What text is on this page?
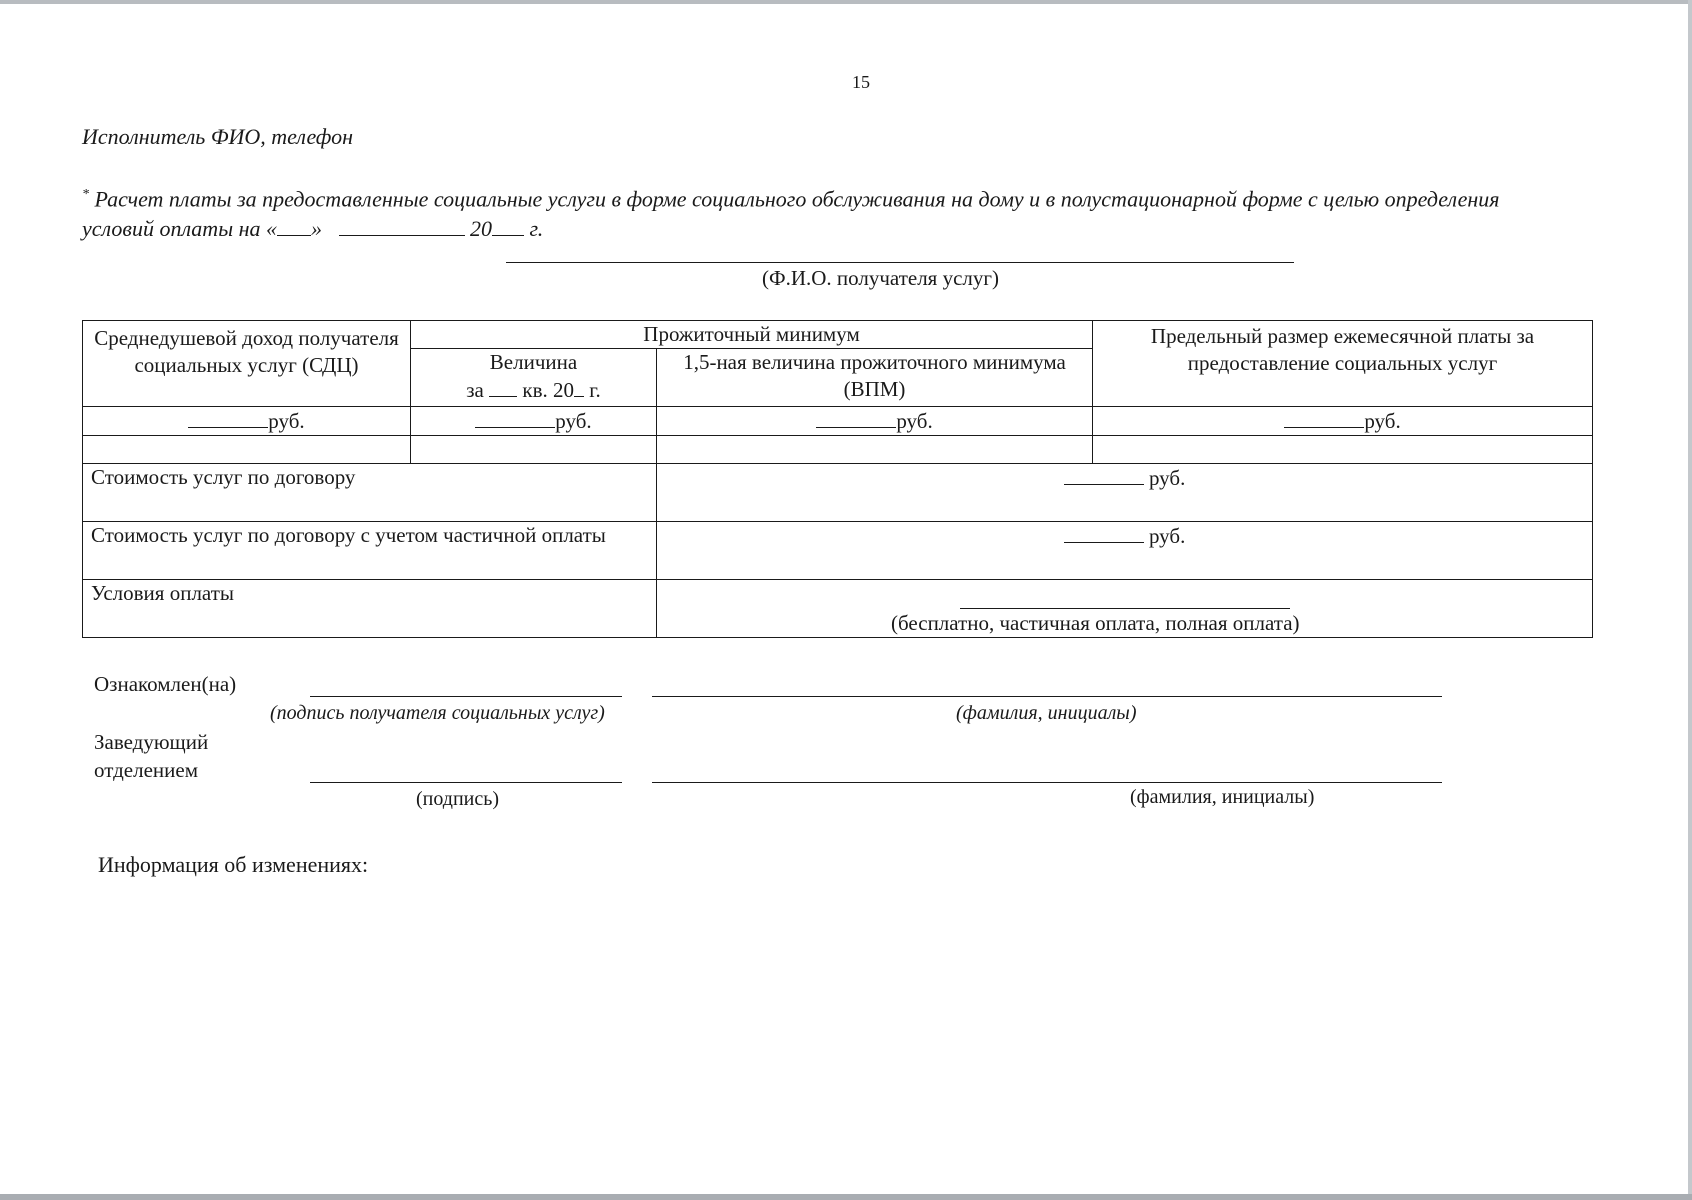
15
Исполнитель ФИО, телефон
* Расчет платы за предоставленные социальные услуги в форме социального обслуживания на дому и в полустационарной форме с целью определения
условий оплаты на « »	20 г.
(Ф.И.О. получателя услуг)
Среднедушевой доход получателя социальных услуг (СДЦ)	Прожиточный минимум		Предельный размер ежемесячной платы за предоставление социальных услуг

	Величина
за кв. 20 г.	1,5-ная величина прожиточного минимума (ВПМ)	
руб.	руб.	руб.	руб.

Стоимость услуг по договору		руб.	
Стоимость услуг по договору с учетом частичной оплаты		руб.	
Условия оплаты		(бесплатно, частичная оплата, полная оплата)	
Ознакомлен(на)
(подпись получателя социальных услуг)	(фамилия, инициалы)
Заведующий
отделением
(подпись)	(фамилия, инициалы)
Информация об изменениях:
